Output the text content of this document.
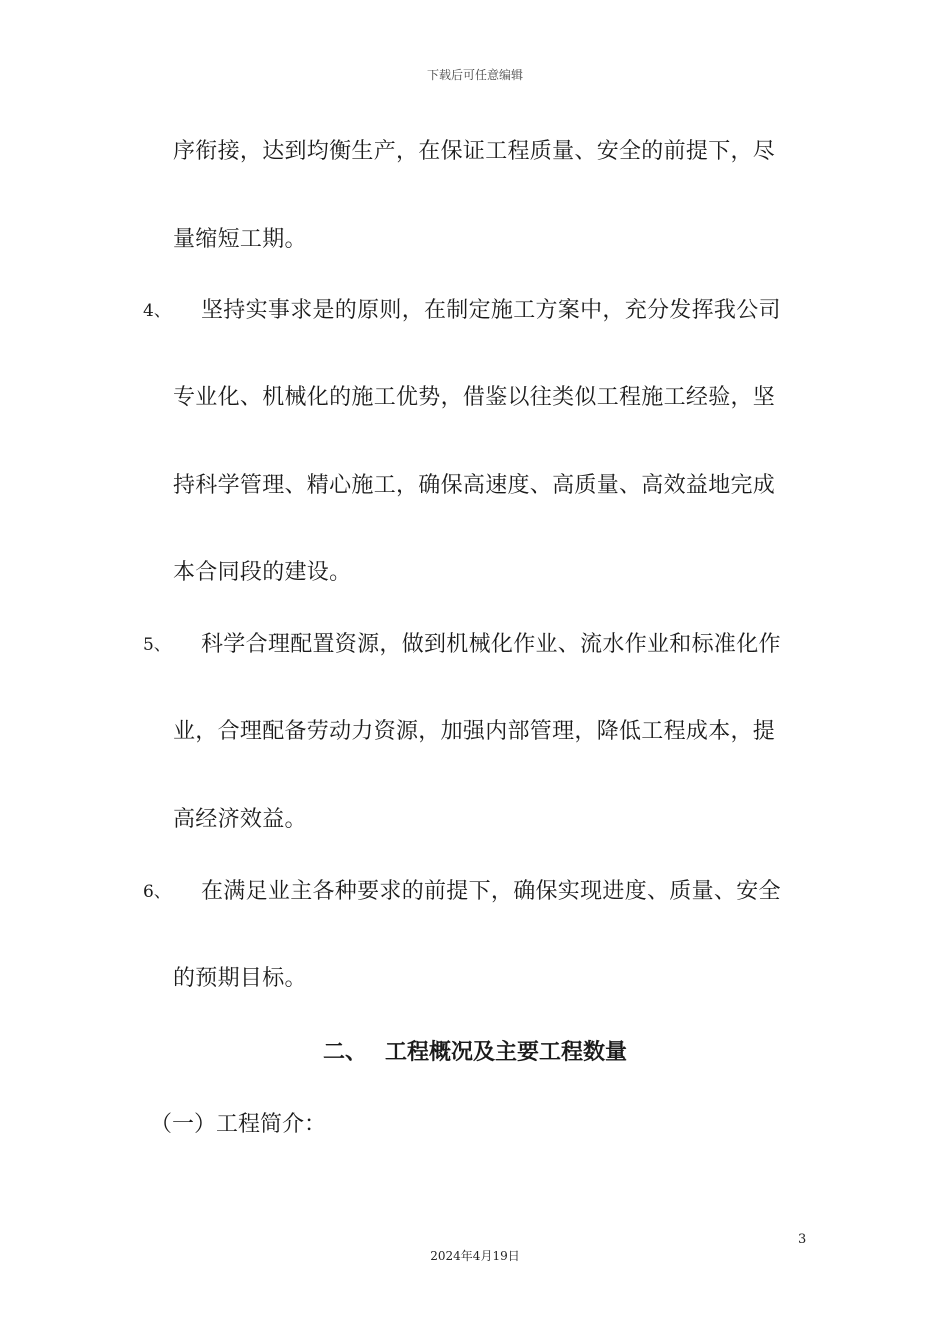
下载后可任意编辑
序衔接，达到均衡生产，在保证工程质量、安全的前提下，尽
量缩短工期。
4、 坚持实事求是的原则，在制定施工方案中，充分发挥我公司
专业化、机械化的施工优势，借鉴以往类似工程施工经验，坚
持科学管理、精心施工，确保高速度、高质量、高效益地完成
本合同段的建设。
5、 科学合理配置资源，做到机械化作业、流水作业和标准化作
业，合理配备劳动力资源，加强内部管理，降低工程成本，提
高经济效益。
6、 在满足业主各种要求的前提下，确保实现进度、质量、安全
的预期目标。
二、 工程概况及主要工程数量
（一）工程简介：
3
2024年4月19日
